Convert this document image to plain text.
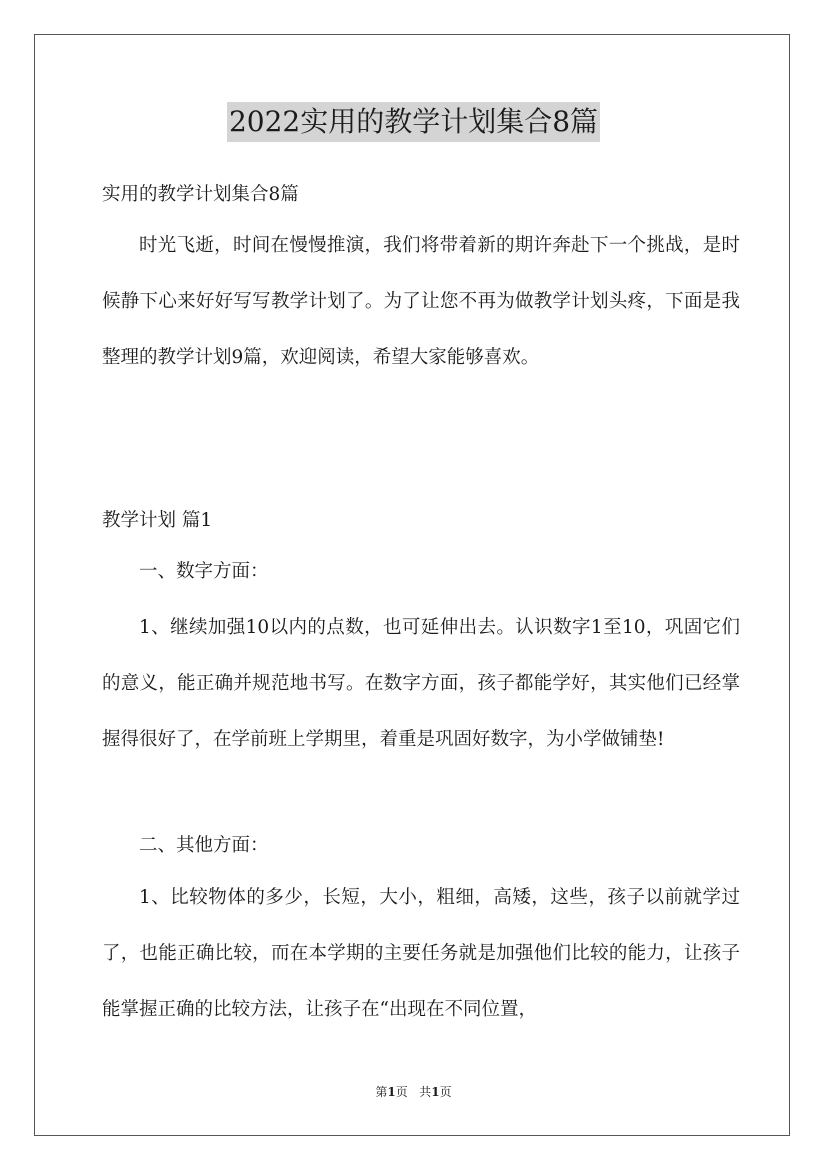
2022实用的教学计划集合8篇
实用的教学计划集合8篇
时光飞逝，时间在慢慢推演，我们将带着新的期许奔赴下一个挑战，是时候静下心来好好写写教学计划了。为了让您不再为做教学计划头疼，下面是我整理的教学计划9篇，欢迎阅读，希望大家能够喜欢。
教学计划 篇1
一、数字方面：
1、继续加强10以内的点数，也可延伸出去。认识数字1至10，巩固它们的意义，能正确并规范地书写。在数字方面，孩子都能学好，其实他们已经掌握得很好了，在学前班上学期里，着重是巩固好数字，为小学做铺垫!
二、其他方面：
1、比较物体的多少，长短，大小，粗细，高矮，这些，孩子以前就学过了，也能正确比较，而在本学期的主要任务就是加强他们比较的能力，让孩子能掌握正确的比较方法，让孩子在“出现在不同位置，
第1页 共1页
